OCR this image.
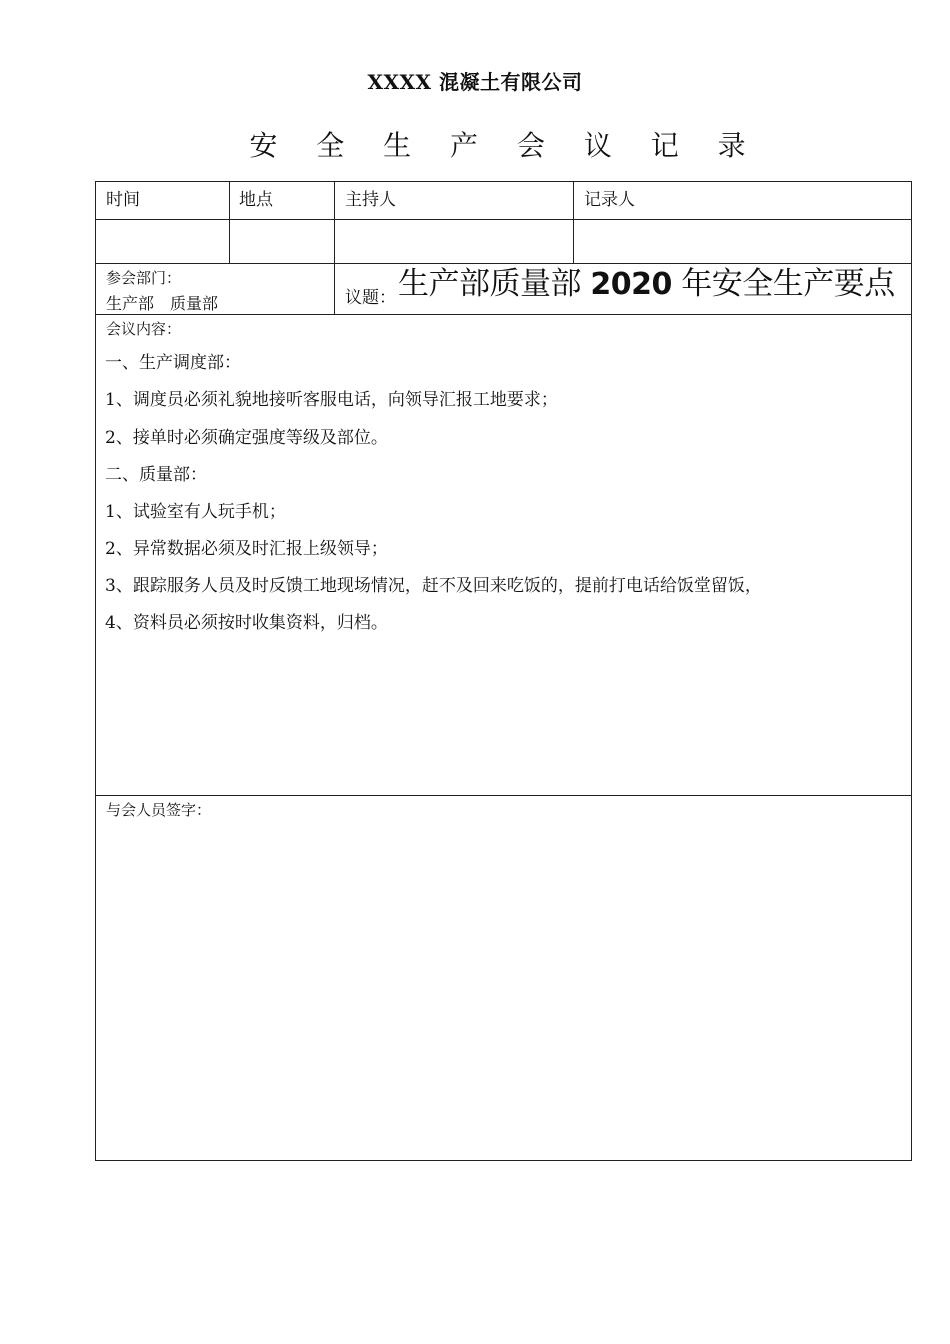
XXXX 混凝土有限公司
安 全 生 产 会 议 记 录
时间	地点	主持人	记录人
参会部门：
生产部　质量部	议题： 生产部质量部 2020 年安全生产要点
会议内容：
一、生产调度部：
1、调度员必须礼貌地接听客服电话，向领导汇报工地要求；
2、接单时必须确定强度等级及部位。
二、质量部：
1、试验室有人玩手机；
2、异常数据必须及时汇报上级领导；
3、跟踪服务人员及时反馈工地现场情况，赶不及回来吃饭的，提前打电话给饭堂留饭，
4、资料员必须按时收集资料，归档。
与会人员签字：
